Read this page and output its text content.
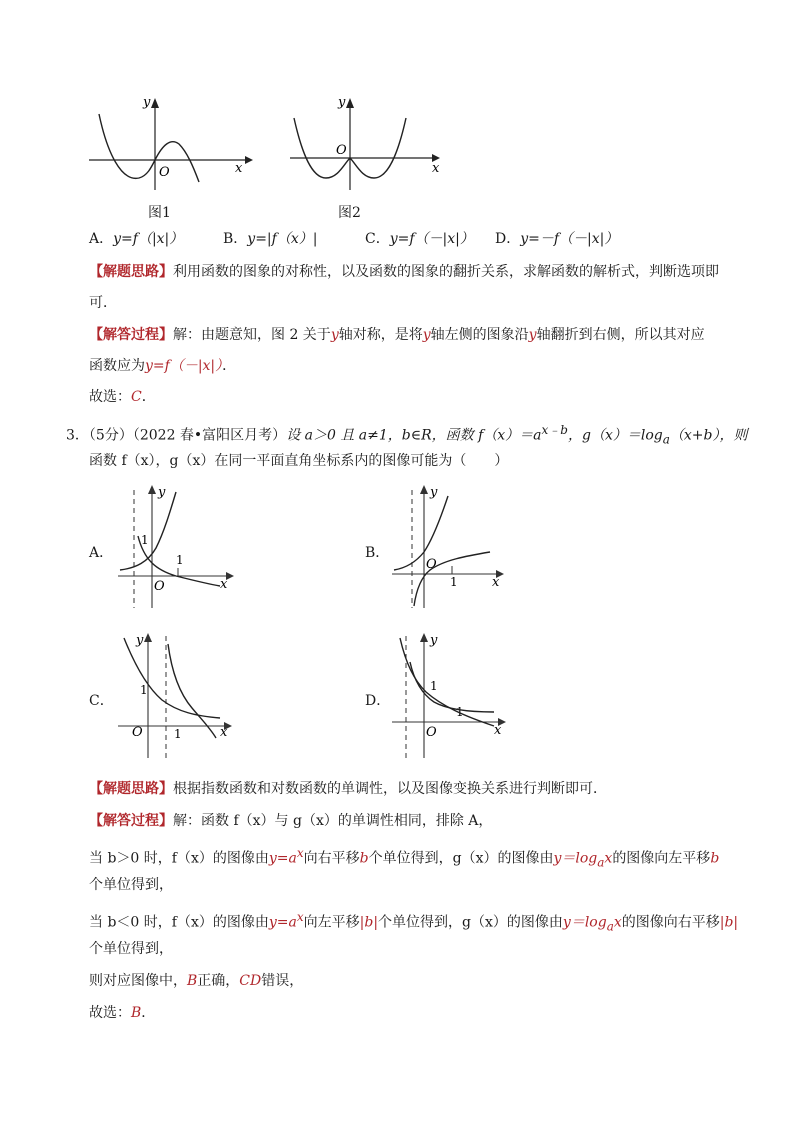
y
x
O
图1
y
x
O
图2
A．y=f（|x|）	B．y=|f（x）|	C．y=f（－|x|） D．y=－f（－|x|）
【解题思路】利用函数的图象的对称性，以及函数的图象的翻折关系，求解函数的解析式，判断选项即
可．
【解答过程】解：由题意知，图 2 关于y轴对称，是将y轴左侧的图象沿y轴翻折到右侧，所以其对应
函数应为y=f（－|x|）．
故选：C．
3．（5分）（2022 春•富阳区月考）设 a＞0 且 a≠1，b∈R，函数 $f(x)=a^{x﹣b}$，$g(x)=\log_a(x+b)$，则
函数 f（x），g（x）在同一平面直角坐标系内的图像可能为（　　）
A．
y
x
O
1
1	B．
y
x
O
1
C．
y
x
O
1
1
D．
y
x
O
1
1
【解题思路】根据指数函数和对数函数的单调性，以及图像变换关系进行判断即可．
【解答过程】解：函数 f（x）与 g（x）的单调性相同，排除 A，
当 b＞0 时，f（x）的图像由$y=a^x$向右平移b个单位得到，g（x）的图像由$y=\log_ax$的图像向左平移b
个单位得到，
当 b＜0 时，f（x）的图像由$y=a^x$向左平移|b|个单位得到，g（x）的图像由$y=\log_ax$的图像向右平移|b|
个单位得到，
则对应图像中，B正确，CD错误，
故选：B．
